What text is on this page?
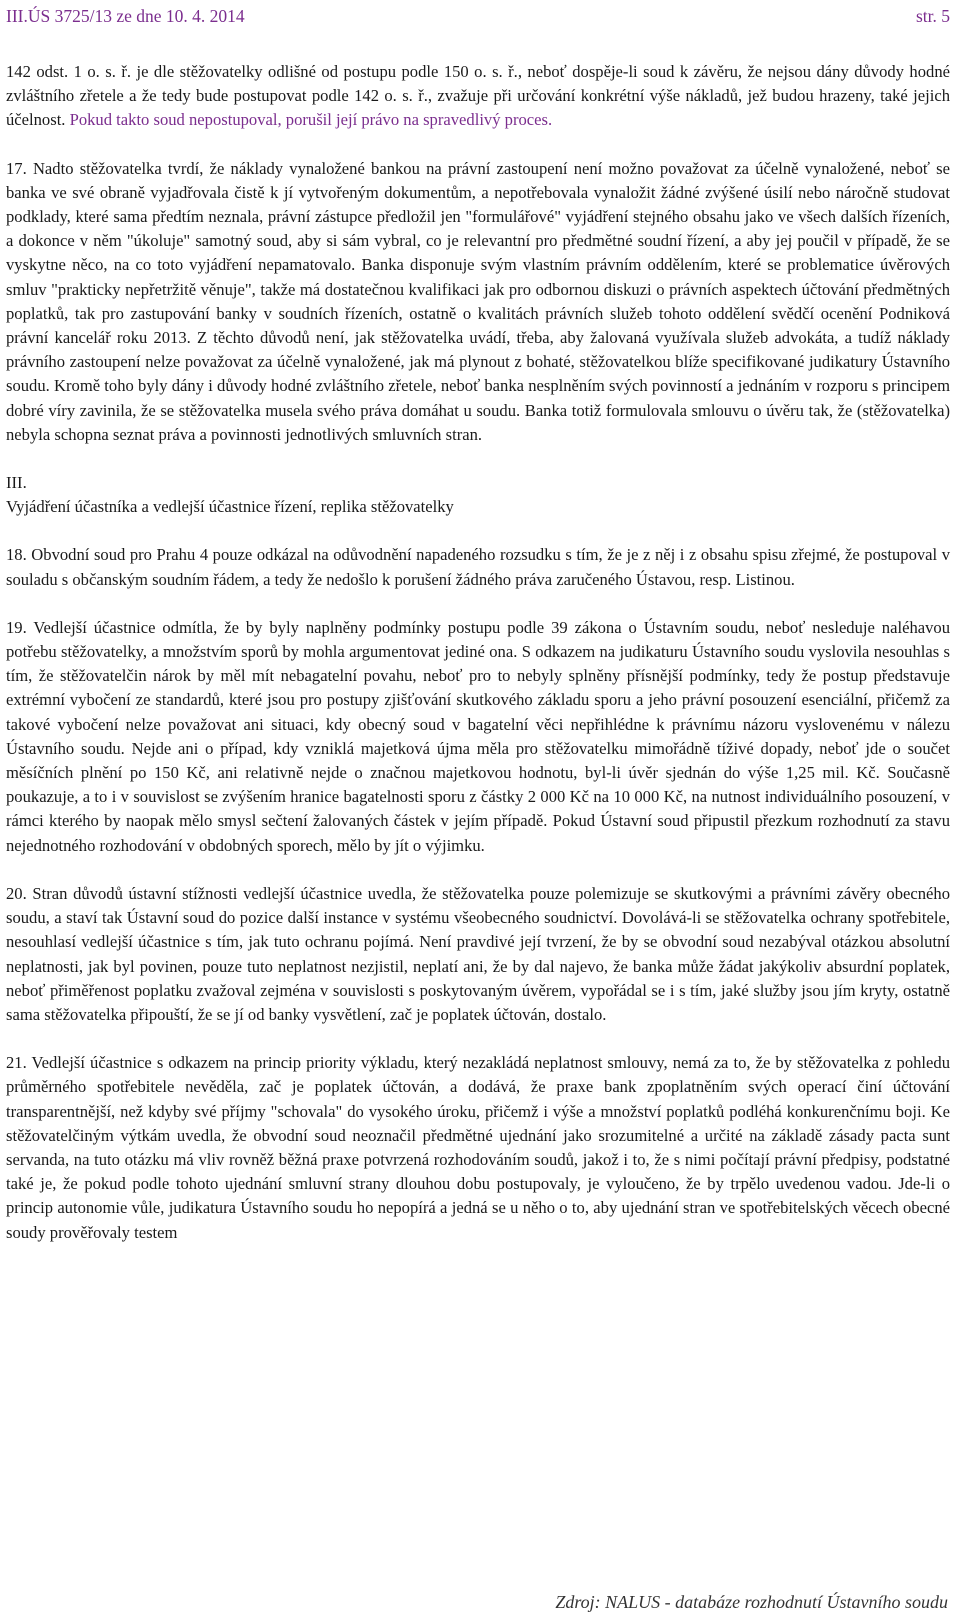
III.ÚS 3725/13 ze dne 10. 4. 2014	str. 5

142 odst. 1 o. s. ř. je dle stěžovatelky odlišné od postupu podle 150 o. s. ř., neboť dospěje-li soud k závěru, že nejsou dány důvody hodné zvláštního zřetele a že tedy bude postupovat podle 142 o. s. ř., zvažuje při určování konkrétní výše nákladů, jež budou hrazeny, také jejich účelnost. Pokud takto soud nepostupoval, porušil její právo na spravedlivý proces.

17. Nadto stěžovatelka tvrdí, že náklady vynaložené bankou na právní zastoupení není možno považovat za účelně vynaložené, neboť se banka ve své obraně vyjadřovala čistě k jí vytvořeným dokumentům, a nepotřebovala vynaložit žádné zvýšené úsilí nebo náročně studovat podklady, které sama předtím neznala, právní zástupce předložil jen "formulářové" vyjádření stejného obsahu jako ve všech dalších řízeních, a dokonce v něm "úkoluje" samotný soud, aby si sám vybral, co je relevantní pro předmětné soudní řízení, a aby jej poučil v případě, že se vyskytne něco, na co toto vyjádření nepamatovalo. Banka disponuje svým vlastním právním oddělením, které se problematice úvěrových smluv "prakticky nepřetržitě věnuje", takže má dostatečnou kvalifikaci jak pro odbornou diskuzi o právních aspektech účtování předmětných poplatků, tak pro zastupování banky v soudních řízeních, ostatně o kvalitách právních služeb tohoto oddělení svědčí ocenění Podniková právní kancelář roku 2013. Z těchto důvodů není, jak stěžovatelka uvádí, třeba, aby žalovaná využívala služeb advokáta, a tudíž náklady právního zastoupení nelze považovat za účelně vynaložené, jak má plynout z bohaté, stěžovatelkou blíže specifikované judikatury Ústavního soudu. Kromě toho byly dány i důvody hodné zvláštního zřetele, neboť banka nesplněním svých povinností a jednáním v rozporu s principem dobré víry zavinila, že se stěžovatelka musela svého práva domáhat u soudu. Banka totiž formulovala smlouvu o úvěru tak, že (stěžovatelka) nebyla schopna seznat práva a povinnosti jednotlivých smluvních stran.

III.

Vyjádření účastníka a vedlejší účastnice řízení, replika stěžovatelky

18. Obvodní soud pro Prahu 4 pouze odkázal na odůvodnění napadeného rozsudku s tím, že je z něj i z obsahu spisu zřejmé, že postupoval v souladu s občanským soudním řádem, a tedy že nedošlo k porušení žádného práva zaručeného Ústavou, resp. Listinou.

19. Vedlejší účastnice odmítla, že by byly naplněny podmínky postupu podle 39 zákona o Ústavním soudu, neboť nesleduje naléhavou potřebu stěžovatelky, a množstvím sporů by mohla argumentovat jediné ona. S odkazem na judikaturu Ústavního soudu vyslovila nesouhlas s tím, že stěžovatelčin nárok by měl mít nebagatelní povahu, neboť pro to nebyly splněny přísnější podmínky, tedy že postup představuje extrémní vybočení ze standardů, které jsou pro postupy zjišťování skutkového základu sporu a jeho právní posouzení esenciální, přičemž za takové vybočení nelze považovat ani situaci, kdy obecný soud v bagatelní věci nepřihlédne k právnímu názoru vyslovenému v nálezu Ústavního soudu. Nejde ani o případ, kdy vzniklá majetková újma měla pro stěžovatelku mimořádně tíživé dopady, neboť jde o součet měsíčních plnění po 150 Kč, ani relativně nejde o značnou majetkovou hodnotu, byl-li úvěr sjednán do výše 1,25 mil. Kč. Současně poukazuje, a to i v souvislost se zvýšením hranice bagatelnosti sporu z částky 2 000 Kč na 10 000 Kč, na nutnost individuálního posouzení, v rámci kterého by naopak mělo smysl sečtení žalovaných částek v jejím případě. Pokud Ústavní soud připustil přezkum rozhodnutí za stavu nejednotného rozhodování v obdobných sporech, mělo by jít o výjimku.

20. Stran důvodů ústavní stížnosti vedlejší účastnice uvedla, že stěžovatelka pouze polemizuje se skutkovými a právními závěry obecného soudu, a staví tak Ústavní soud do pozice další instance v systému všeobecného soudnictví. Dovolává-li se stěžovatelka ochrany spotřebitele, nesouhlasí vedlejší účastnice s tím, jak tuto ochranu pojímá. Není pravdivé její tvrzení, že by se obvodní soud nezabýval otázkou absolutní neplatnosti, jak byl povinen, pouze tuto neplatnost nezjistil, neplatí ani, že by dal najevo, že banka může žádat jakýkoliv absurdní poplatek, neboť přiměřenost poplatku zvažoval zejména v souvislosti s poskytovaným úvěrem, vypořádal se i s tím, jaké služby jsou jím kryty, ostatně sama stěžovatelka připouští, že se jí od banky vysvětlení, zač je poplatek účtován, dostalo.

21. Vedlejší účastnice s odkazem na princip priority výkladu, který nezakládá neplatnost smlouvy, nemá za to, že by stěžovatelka z pohledu průměrného spotřebitele nevěděla, zač je poplatek účtován, a dodává, že praxe bank zpoplatněním svých operací činí účtování transparentnější, než kdyby své příjmy "schovala" do vysokého úroku, přičemž i výše a množství poplatků podléhá konkurenčnímu boji. Ke stěžovatelčiným výtkám uvedla, že obvodní soud neoznačil předmětné ujednání jako srozumitelné a určité na základě zásady pacta sunt servanda, na tuto otázku má vliv rovněž běžná praxe potvrzená rozhodováním soudů, jakož i to, že s nimi počítají právní předpisy, podstatné také je, že pokud podle tohoto ujednání smluvní strany dlouhou dobu postupovaly, je vyloučeno, že by trpělo uvedenou vadou. Jde-li o princip autonomie vůle, judikatura Ústavního soudu ho nepopírá a jedná se u něho o to, aby ujednání stran ve spotřebitelských věcech obecné soudy prověřovaly testem

Zdroj: NALUS - databáze rozhodnutí Ústavního soudu
